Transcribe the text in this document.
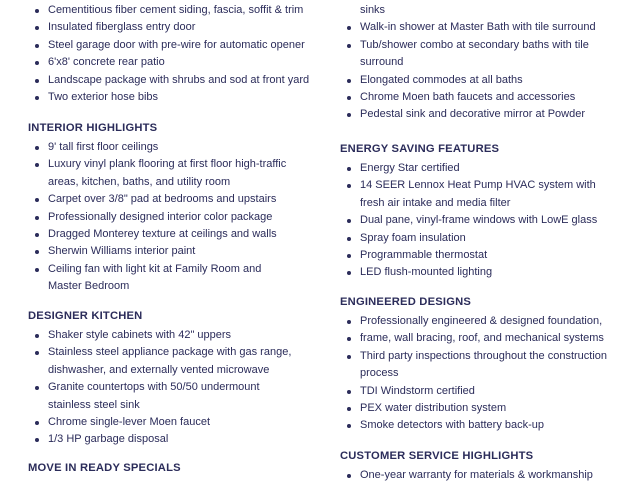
Cementitious fiber cement siding, fascia, soffit & trim
Insulated fiberglass entry door
Steel garage door with pre-wire for automatic opener
6'x8' concrete rear patio
Landscape package with shrubs and sod at front yard
Two exterior hose bibs
INTERIOR HIGHLIGHTS
9' tall first floor ceilings
Luxury vinyl plank flooring at first floor high-traffic
areas, kitchen, baths, and utility room
Carpet over 3/8" pad at bedrooms and upstairs
Professionally designed interior color package
Dragged Monterey texture at ceilings and walls
Sherwin Williams interior paint
Ceiling fan with light kit at Family Room and
Master Bedroom
DESIGNER KITCHEN
Shaker style cabinets with 42" uppers
Stainless steel appliance package with gas range,
dishwasher, and externally vented microwave
Granite countertops with 50/50 undermount
stainless steel sink
Chrome single-lever Moen faucet
1/3 HP garbage disposal
MOVE IN READY SPECIALS
sinks
Walk-in shower at Master Bath with tile surround
Tub/shower combo at secondary baths with tile
surround
Elongated commodes at all baths
Chrome Moen bath faucets and accessories
Pedestal sink and decorative mirror at Powder
ENERGY SAVING FEATURES
Energy Star certified
14 SEER Lennox Heat Pump HVAC system with
fresh air intake and media filter
Dual pane, vinyl-frame windows with LowE glass
Spray foam insulation
Programmable thermostat
LED flush-mounted lighting
ENGINEERED DESIGNS
Professionally engineered & designed foundation,
frame, wall bracing, roof, and mechanical systems
Third party inspections throughout the construction
process
TDI Windstorm certified
PEX water distribution system
Smoke detectors with battery back-up
CUSTOMER SERVICE HIGHLIGHTS
One-year warranty for materials & workmanship
